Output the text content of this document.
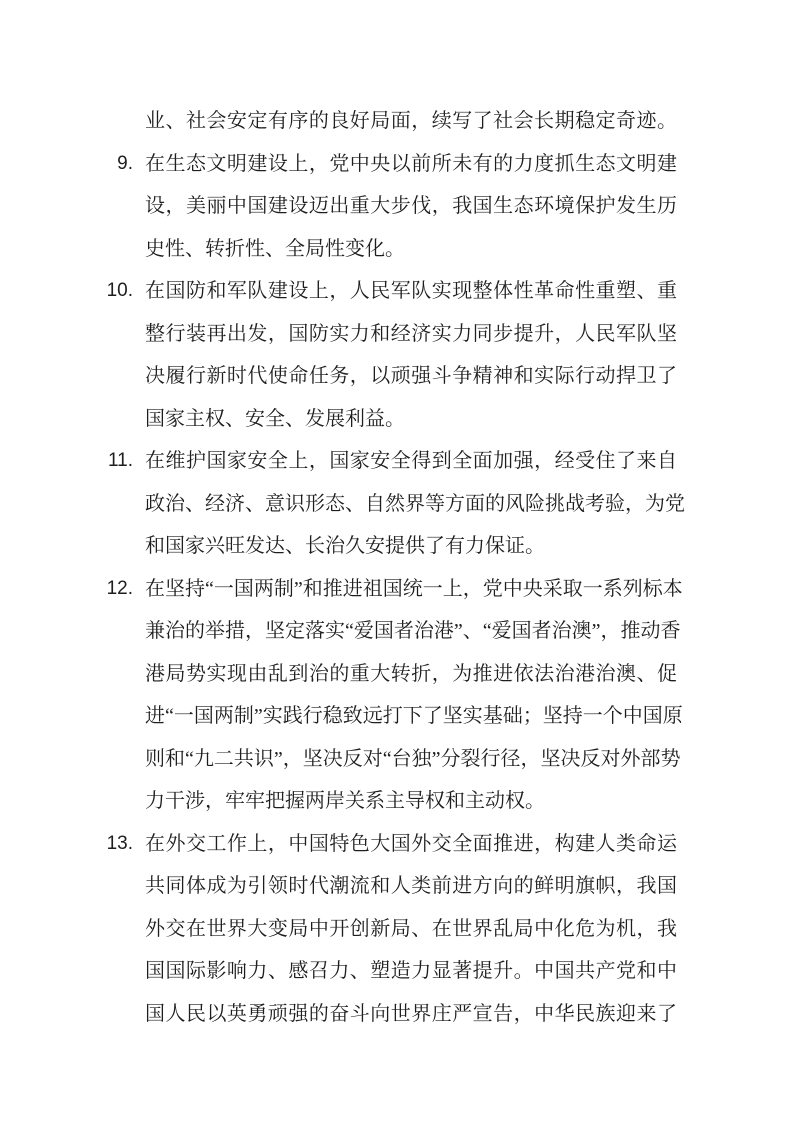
业、社会安定有序的良好局面，续写了社会长期稳定奇迹。
9. 在生态文明建设上，党中央以前所未有的力度抓生态文明建
设，美丽中国建设迈出重大步伐，我国生态环境保护发生历
史性、转折性、全局性变化。
10. 在国防和军队建设上，人民军队实现整体性革命性重塑、重
整行装再出发，国防实力和经济实力同步提升，人民军队坚
决履行新时代使命任务，以顽强斗争精神和实际行动捍卫了
国家主权、安全、发展利益。
11. 在维护国家安全上，国家安全得到全面加强，经受住了来自
政治、经济、意识形态、自然界等方面的风险挑战考验，为党
和国家兴旺发达、长治久安提供了有力保证。
12. 在坚持“一国两制”和推进祖国统一上，党中央采取一系列标本
兼治的举措，坚定落实“爱国者治港”、“爱国者治澳”，推动香
港局势实现由乱到治的重大转折，为推进依法治港治澳、促
进“一国两制”实践行稳致远打下了坚实基础；坚持一个中国原
则和“九二共识”，坚决反对“台独”分裂行径，坚决反对外部势
力干涉，牢牢把握两岸关系主导权和主动权。
13. 在外交工作上，中国特色大国外交全面推进，构建人类命运
共同体成为引领时代潮流和人类前进方向的鲜明旗帜，我国
外交在世界大变局中开创新局、在世界乱局中化危为机，我
国国际影响力、感召力、塑造力显著提升。中国共产党和中
国人民以英勇顽强的奋斗向世界庄严宣告，中华民族迎来了
